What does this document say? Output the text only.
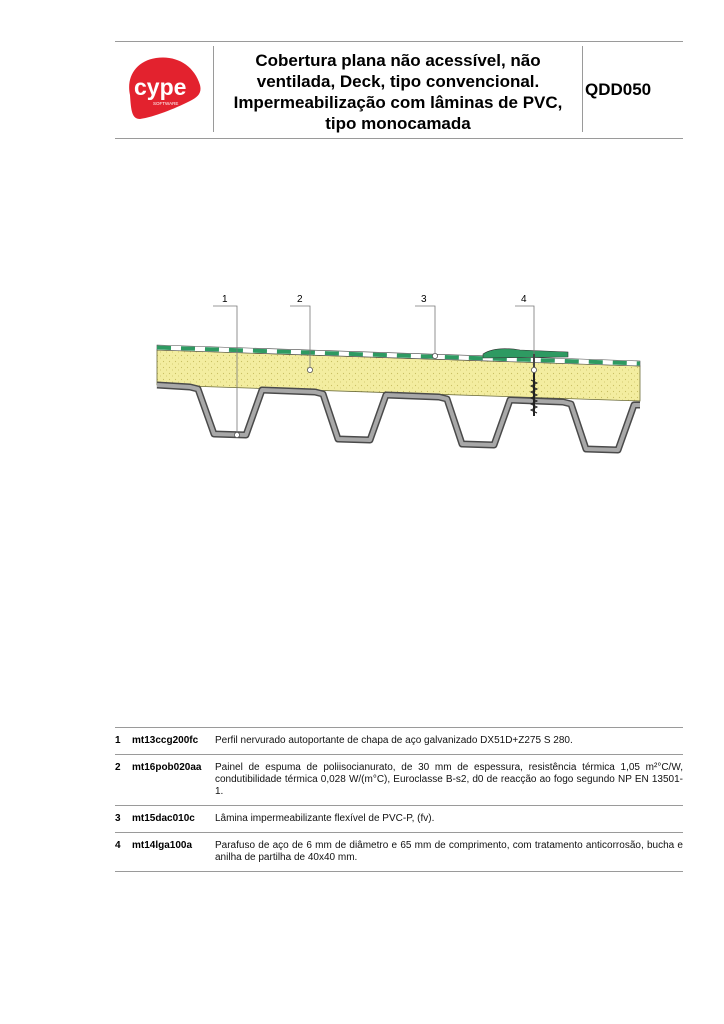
cype
SOFTWARE
Cobertura plana não acessível, não ventilada, Deck, tipo convencional. Impermeabilização com lâminas de PVC, tipo monocamada
QDD050
1	2	3	4
1	mt13ccg200fc	Perfil nervurado autoportante de chapa de aço galvanizado DX51D+Z275 S 280.
2	mt16pob020aa	Painel de espuma de poliisocianurato, de 30 mm de espessura, resistência térmica 1,05 m²°C/W, condutibilidade térmica 0,028 W/(m°C), Euroclasse B-s2, d0 de reacção ao fogo segundo NP EN 13501-1.
3	mt15dac010c	Lâmina impermeabilizante flexível de PVC-P, (fv).
4	mt14lga100a	Parafuso de aço de 6 mm de diâmetro e 65 mm de comprimento, com tratamento anticorrosão, bucha e anilha de partilha de 40x40 mm.
